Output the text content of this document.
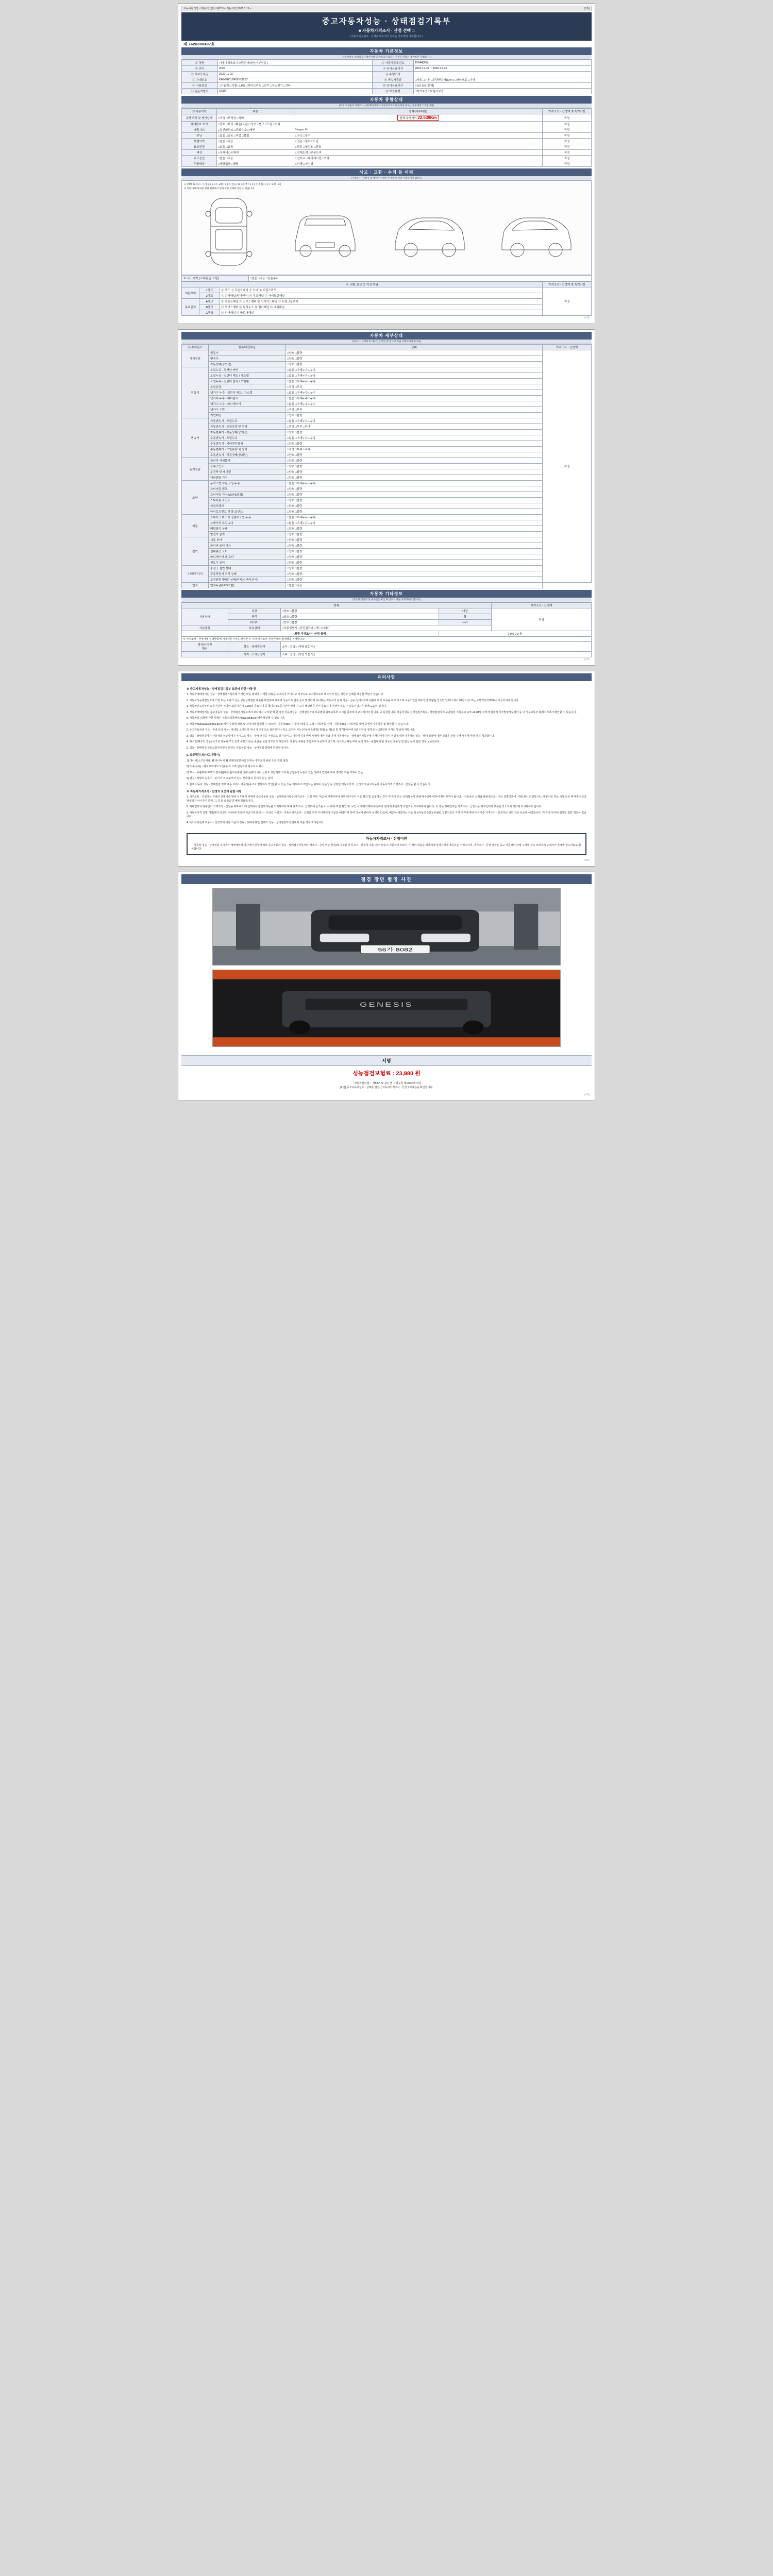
자동차관리법 시행규칙 [별지 제82호서식] <개정 2021.1.19.>	(1쪽)
중고자동차성능 · 상태점검기록부
■ 자동차가격조사 · 산정 선택 □
[ 자동차인도일로 · 산정은 매수인이 원하는 경우에만 기재합니다. ]
제 7626000497호
자동차 기본정보
(자동차성능·상태점검자 확인사항 및 자동차가격조사·산정을 원하는 경우에만 기재합니다)
① 차명	디에이치오토기스템먼더라인(더부엄길 )	② 자동차등록번호	15644(25)
③ 연식	2023	④ 검사유효기간	2022-12-27 ~ 2026-12-26
⑤ 최초등록일	2022-12-27	⑥ 주행거리	
⑦ 차대번호	KMHE851BFSDS3217	⑧ 변속기종류	□자동 □수동 □무단변속기(CVT) □세미오토 □기타
⑨ 사용연료	□가솔린 □디젤 □LPG □하이브리드 □전기 □수소전기 □기타	⑩ 검사유효기간	0 0 0 0 0 (선택)
⑪ 원동기형식	G6DT	⑫ 보증유형	□자가보증 □보험사보증
자동차 종합상태
(주요 구성품의 가격조사·산정 확인사항과 자동차가격조사·산정을 원하는 경우에만 기재합니다)
⑬ 사용이력	내용	항목(세부내용)	가격조사 · 산정액 및 특기사항
주행거리 및 계기상태	□적정 □부적정 □정비	현재 주행거리 22,539Km	적정
차대번호 표기	□양호 □부식 □훼손(오손) □상이 □변조 □도말 □기타		적정
배출가스	□일산화탄소 □탄화수소 □매연	% ppm %	적정
튜닝	□없음 □있음 □적법 □불법	□구조 □장치	적정
특별이력	□없음 □있음	□전손 □침수 □도난	적정
용도변경	□없음 □있음	□렌트 □영업용 □관용	적정
색상	□무채색 □유채색	□전체도색 □부분도색	적정
주요옵션	□없음 □있음	□선루프 □내비게이션 □기타	적정
리콜대상	□해당없음 □해당	□이행 □미이행	적정
사고 · 교환 · 수리 등 이력
(가격조사 · 산정자 및 매수인은 확인 후 반드시 자필 서명하여야 합니다)
※ (상태 표시도) : ① 없음 ( X ) ② 교환 ( X ) ③ 판금 ( W ) ④ 부식 ( C ) ⑤ 흠집 ( A ) ⑥ 요철 ( U )
※ 차량 상태에 따른 점검 결과로서 실제 차량 상태와 다를 수 있습니다.
※ 사고이력 (교차/판금 포함)	□없음 □있음 □단순수리
※ 교환, 판금 등 이상 부위			가격조사 · 산정액 및 특기사항
외판부위	1랭크	① 후드 ② 프론트펜더 ③ 도어 ④ 트렁크리드	적정
	2랭크	⑤ 쿼터패널(리어펜더) ⑥ 루프패널 ⑦ 사이드실패널	
주요골격	A랭크	⑧ 프론트패널 ⑨ 크로스멤버 ⑩ 인사이드패널 ⑪ 트렁크플로어	
	B랭크	⑫ 사이드멤버 ⑬ 휠하우스 ⑭ 필러패널 ⑮ 대쉬패널	
	C랭크	⑯ 리어패널 ⑰ 플로어패널	
(1쪽)
자동차 세부상태
(자동차 · 산정자 및 매수인은 확인 후 반드시 자필 서명하여야 합니다)
⑭ 수리필요	항목/해당부품	상태	가격조사 · 산정액
자기진단	원동기	□양호 □불량	적정
	변속기	□양호 □불량	
	작동상태(공회전)	□양호 □불량	
원동기	오일누유 - 로커암 커버	□없음 □미세누유 □누유	
	오일누유 - 실린더 헤드 / 가스켓	□없음 □미세누유 □누유	
	오일누유 - 실린더 블록 / 오일팬	□없음 □미세누유 □누유	
	오일유량	□적정 □부족	
	냉각수 누수 - 실린더 헤드 / 가스켓	□없음 □미세누수 □누수	
	냉각수 누수 - 워터펌프	□없음 □미세누수 □누수	
	냉각수 누수 - 라디에이터	□없음 □미세누수 □누수	
	냉각수 수량	□적정 □부족	
	커먼레일	□양호 □불량	
변속기	자동변속기 - 오일누유	□없음 □미세누유 □누유	
	자동변속기 - 오일유량 및 상태	□적정 □부족 □과다	
	자동변속기 - 작동상태(공회전)	□양호 □불량	
	수동변속기 - 오일누유	□없음 □미세누유 □누유	
	수동변속기 - 기어변속장치	□양호 □불량	
	수동변속기 - 오일유량 및 상태	□적정 □부족 □과다	
	수동변속기 - 작동상태(공회전)	□양호 □불량	
동력전달	클러치 어셈블리	□양호 □불량	
	등속조인트	□양호 □불량	
	추진축 및 베어링	□양호 □불량	
	디퍼렌셜 기어	□양호 □불량	
조향	동력조향 작동 오일 누유	□없음 □미세누유 □누유	
	스티어링 펌프	□양호 □불량	
	스티어링 기어(MDPS포함)	□양호 □불량	
	스티어링 조인트	□양호 □불량	
	파워크랭크	□양호 □불량	
	타이로드엔드 및 볼 조인트	□양호 □불량	
제동	브레이크 마스터 실린더오일 누유	□없음 □미세누유 □누유	
	브레이크 오일 누유	□없음 □미세누유 □누유	
	배력장치 상태	□양호 □불량	
	발전기 출력	□양호 □불량	
전기	시동 모터	□양호 □불량	
	와이퍼 모터 기능	□양호 □불량	
	실내송풍 모터	□양호 □불량	
	라디에이터 팬 모터	□양호 □불량	
	윈도우 모터	□양호 □불량	
고전원전기장치	충전구 절연 상태	□양호 □불량	
	구동축전지 격리 상태	□양호 □불량	
	고전원전기배선 상태(피복,커넥터,단자)	□양호 □불량	
연료	연료누출(LPG포함)	□없음 □있음	
자동차 기타정보
(자동차·산정자 및 매수인은 확인 후 반드시 자필 서명하여야 합니다)
항목				가격조사 · 산정액
사용상태	외장	□양호 □불량	내장	적정
	광택	□양호 □불량	휠	
	타이어	□양호 □불량	유리	
기본품목	보유상태	□사용설명서 □안전삼각대 □잭 □스패너		
최종 가격조사 · 산정 금액			0 0 0 0 0 원	
※ 가격조사 · 산정자에 설명항목에 기재기준가격을 산정한 후 기타 가격조사·산정금액의 합계액을 기재합니다.				
점검/산정자
확인	성능 · 상태점검자	소속 : 성명 : (서명 또는 인)		
	가격 · 조사산정자	소속 : 성명 : (서명 또는 인)		
(2쪽)
유의사항
※ 중고자동차성능 · 상태점검기록부 보증에 관한 사항 등

1. 자동차매매업자는 성능 · 상태점검기록부에 기재된 내용 범위에 기재한 내용을 교지하지 아니하고 거짓으로 교지했으로써 매수인이 입은 재산상 손해를 배상할 책임이 있습니다.

2. 자동차성능점검업자가 거짓 또는 오류가 있는 성능상태점검 내용을 확인하여 대하여 성능기록 점검 등이 발생하지 아니하는 자동차의 남에 경우 - 성능·상태기록부 내용에 따라 보증을 하고 있으며 보증기간은 매수인이 차량을 인수한 날부터 최소 30일 이상 또는 주행거리 2,000km 이상이어야 합니다.

3. 자동차인도일부터 보증기간이 지나면 보증기간이 1,000일 종료하여 중 합니다 (보증기간이 연장 시 고지 해당보증 간이 종료하여 이상이 있을 수 있습니다.) 중 함께 도움이 됩니다.

4. 자동차매매업자는 중고자동차 성능 · 상태점검기록부에서 보다에서 고지할 때 한 점검 자동차성능 · 상태점검자의 보증범위 외에교통부 고시를 참조하여 교지하여야 합니다. 중 동일합니다. 자동차성능·상태점검기록부 · 상태점검자의 보증범위 기록부로 교부-24.04월 지켜져 법제처 국가법령정보센터 등 이 성능교통부 홈페이지에서 확인할 수 있습니다.

5. 자동차의 리콜에 관한 사항은 자동차리콜센터(www.car.go.kr)에서 확인할 수 있습니다.

6. 자동차365(www.car365.go.kr)에서 설명에 정보 및 검사이력 확인할 수 있으며 · 자동차365 ) 자동차 내에 중 고객 / 자동차를 전에 · 자동차365 ) 자동차를 내에 중에서 자동차를 및 확인할 수 있습니다.

2. 중고자동차의 구조 · 장치 등의 성능 · 상태를 고지하지 아니 가 거짓으로 점검하거나 하고 교지한 자는 [자동차관리법] 제 80조 제8호 및 제7항에 따라 2년 이하의 징역 또는 2천만원 이하의 벌금에 처합니다.

3. 성능 · 상태점검자가 자동차의 성능상태기 가지으로 성능 · 상태 점검을 거짓으로 실시하여 그 대하여 기록부에 기재에 대한 결과 가재 자동차성능 · 상태점검기록부에 기재하여야 하며 점검에 대한 자동차의 성능 · 상태 점검에 대한 결과를 전달 주행 내용에 따라 점검 제공합니다.

4. 매수인(매수인 경우) 시고로 자동차 주요 골격 부분의 판금 중첩을 심한 경우로 한정합니다 의 용접 부위를 포함하여 보증하고 있으며, 사이드실패널 부위 등의 경우 - 용접에 대한 자동차의 용접 및 판금 등의 심한 경우 보증합니다.

5. 성능 · 상태점검 국토교통부장관이 관하는 자동차를 성능 · 상태점검 방법에 따라야 합니다.

6. 보증범위 외(사고이력시)

1) 타이어(소모되어나, 휀 타이어에 휀 교환상부분이의 외부는 정도로서 바를 도료 친한 점검

2) 누유(누유) · 웨모부위에서 오일(유)이 스며 번짐되어 밖으로 나와서

3) 부식 : 차량부위 하부의 길리관(내부 판겨상형에 다해 콘버터 이나 산화로 상당하게 기타 판금강부의 녹슬어 있는 상태로 연락해 하나 경미한 것을 거부어 있는

4) 검수 : 차량의 능동기 · 본이기 주 오로부터 있는 것에 불이 준이기 있는 상태

7. 현재 자동차 성능 · 상태점검 정보 제공 서비스 제공사(중고차 검사여도 적인) 할 수 있는 것을 제외하고 개인지는 위에도 전문성 등 상당한 자동차가격 · 산정과 미중고자동차 자동차가격 가격조사 · 산정을 할 수 있습니다.

※ 자동차가격조사 · 산정의 보증에 관한 사항

1. 가격조사 · 산정자는 자체의 설명기준 범위 이후에서 마세에 중고자동차 성능 · 상태점검기록부(가격조사 · 산정 부분 기입)에 기재하여야 하며 매수인이 이를 확인 및 요청하는 경우 제 작성 또는 선택항목에 의해 매수인에 대하여 확인하여야 합니다. - 자동차의 실제와 불완전으로 · 기능 설명기준에 - 매일제시의 설명 리스 대항기인 정보 이상 보증 매개에서 산업발생하지 아니하여 하며, 그 중 동 보장의 문제에 적용합니다.

2. 매매업자와 매수인이 가격조사 · 산정을 위하여 거래 선택되어의 선택기능을 기재하여야 하며 가격조사 · 산정하여 골조를 이 시 내에 직접 확인 후, 보인 시 재매적계에 부설하기 전에 매수인에게 서면으로 교지하여야 합니다. 이 경우 매매업자는 가격조사 · 산정서를 매수인에게 교부한 것으로서 계약해 아니하여도 합니다.

3. 자동차가격 설명 개별(매수인 본인 여부)에 작성에 기준가격과 교시 · 산정의 사항과 - 자동차가격조사 · 산정을 하지 아니하여야 기준을 배상하여 하며 기능에 관하여 설명한 다음에, 배근에 해당하는 자는 한국자동차진단보증협회 설명기준의 가격 자격에 따라 검사기준 가격조사 · 산정자로 의한 작동 보증에 해당합니다. 제 자정 위니에 설명한 권한 책임이 있습니다.

4. 특기사항란에 자동차 · 산정액에 대한 기준의 성능 · 상태에 대한 견해가 성능 · 상태점검자의 견해와 다를 경우 표시합니다.

자동차가격조사 · 산정이란
「자동차 성능 · 상태점검 실시자가 매매계약에 당사자의 신청에 따라 중고자동차 성능 · 상태점검기록부(가격조사 · 산정 부분 한정)에 기재된 가격 조사 · 산정의 내용 이라 합니다. 자동차가격조사 · 산정의 내용을 매매계약 당사자에게 제공하는 서비스이며, 가격조사 · 산정 결과는 중고 자동차의 판매 구매액 결고 소비자의 구매자가 결정에 참고자료로 활용합니다.
(3쪽)
점검 장면 촬영 사진
56가 8082
GENESIS
서명
성능점검보험료 : 23,980 원
「자동차관리법」 제58조 및 같은 법 시행규칙 제120조에 따라
[1 인] 중고자동차성능 · 상태를 점검, [ 자동차가격조사 · 산정 ) 하였음을 확인합니다.
(4쪽)
